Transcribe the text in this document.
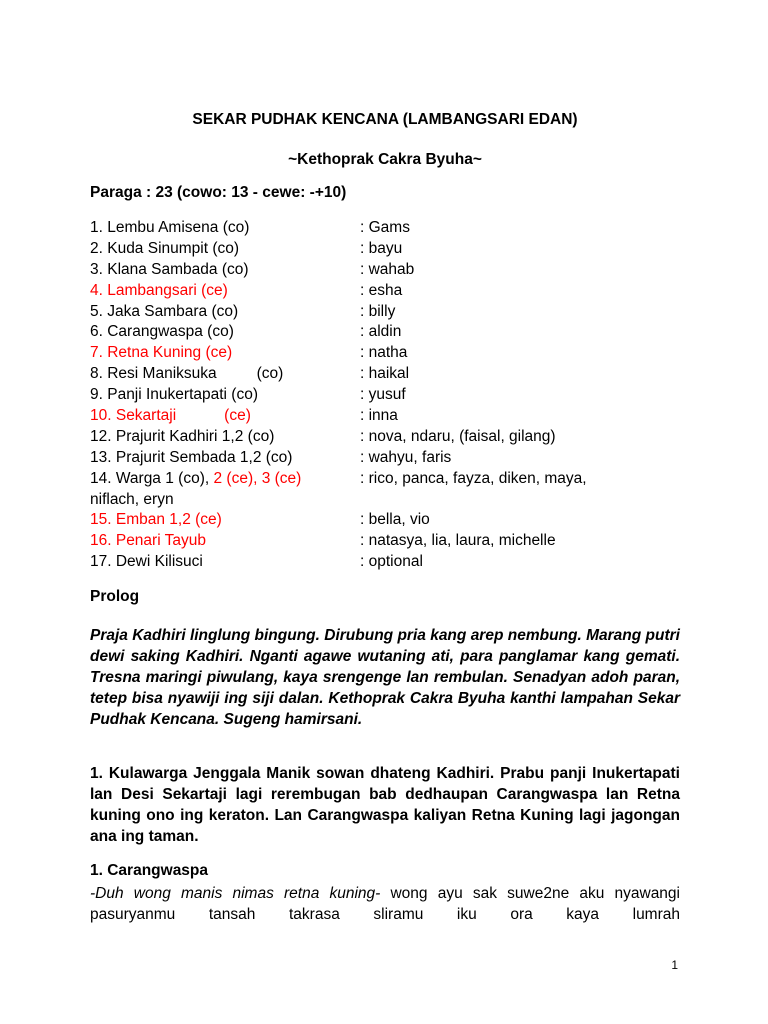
SEKAR PUDHAK KENCANA (LAMBANGSARI EDAN)
~Kethoprak Cakra Byuha~
Paraga : 23 (cowo: 13 - cewe: -+10)
1. Lembu Amisena (co)	: Gams
2. Kuda Sinumpit (co)	: bayu
3. Klana Sambada (co)	: wahab
4. Lambangsari (ce)	: esha
5. Jaka Sambara (co)	: billy
6. Carangwaspa (co)	: aldin
7. Retna Kuning (ce)	: natha
8. Resi Maniksuka	(co)	: haikal
9. Panji Inukertapati (co)	: yusuf
10. Sekartaji	(ce)	: inna
12. Prajurit Kadhiri 1,2 (co)	: nova, ndaru, (faisal, gilang)
13. Prajurit Sembada 1,2 (co)	: wahyu, faris
14. Warga 1 (co), 2 (ce), 3 (ce)	: rico, panca, fayza, diken, maya,
niflach, eryn
15. Emban 1,2 (ce)	: bella, vio
16. Penari Tayub	: natasya, lia, laura, michelle
17. Dewi Kilisuci	: optional
Prolog
Praja Kadhiri linglung bingung. Dirubung pria kang arep nembung. Marang putri dewi saking Kadhiri. Nganti agawe wutaning ati, para panglamar kang gemati. Tresna maringi piwulang, kaya srengenge lan rembulan. Senadyan adoh paran, tetep bisa nyawiji ing siji dalan. Kethoprak Cakra Byuha kanthi lampahan Sekar Pudhak Kencana. Sugeng hamirsani.
1. Kulawarga Jenggala Manik sowan dhateng Kadhiri. Prabu panji Inukertapati lan Desi Sekartaji lagi rerembugan bab dedhaupan Carangwaspa lan Retna kuning ono ing keraton. Lan Carangwaspa kaliyan Retna Kuning lagi jagongan ana ing taman.
1. Carangwaspa
-Duh wong manis nimas retna kuning- wong ayu sak suwe2ne aku nyawangi pasuryanmu tansah takrasa sliramu iku ora kaya lumrah
1
